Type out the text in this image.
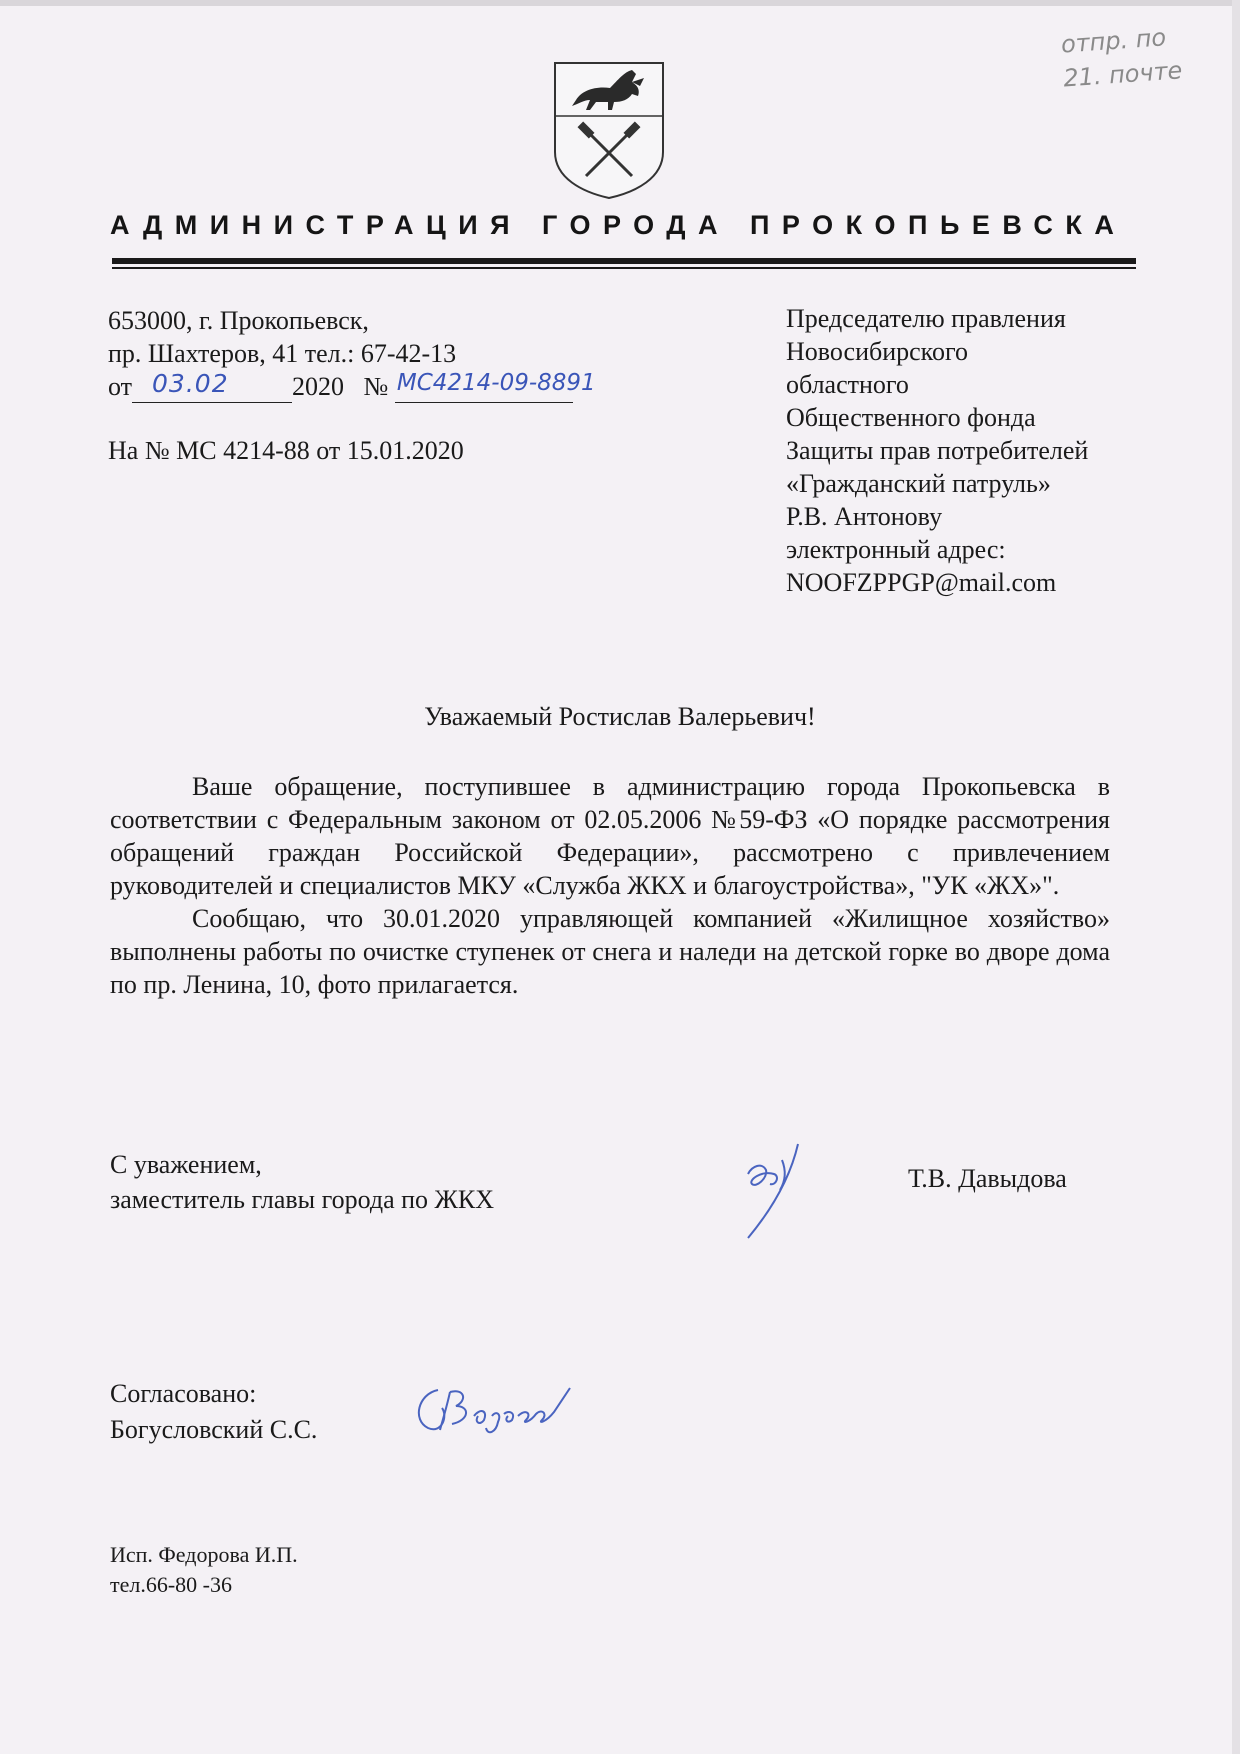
отпр. по
21. почте
АДМИНИСТРАЦИЯ ГОРОДА ПРОКОПЬЕВСКА
653000, г. Прокопьевск,
пр. Шахтеров, 41 тел.: 67-42-13
от 03.02 2020 № МС4214-09-8891
На № МС 4214-88 от 15.01.2020
Председателю правления
Новосибирского
областного
Общественного фонда
Защиты прав потребителей
«Гражданский патруль»
Р.В. Антонову
электронный адрес:
NOOFZPPGP@mail.com
Уважаемый Ростислав Валерьевич!

Ваше обращение, поступившее в администрацию города Прокопьевска в соответствии с Федеральным законом от 02.05.2006 №59-ФЗ «О порядке рассмотрения обращений граждан Российской Федерации», рассмотрено с привлечением руководителей и специалистов МКУ «Служба ЖКХ и благоустройства», "УК «ЖХ»".

Сообщаю, что 30.01.2020 управляющей компанией «Жилищное хозяйство» выполнены работы по очистке ступенек от снега и наледи на детской горке во дворе дома по пр. Ленина, 10, фото прилагается.

С уважением,
заместитель главы города по ЖКХ
Т.В. Давыдова
Согласовано:
Богусловский С.С.
Исп. Федорова И.П.
тел.66-80 -36
